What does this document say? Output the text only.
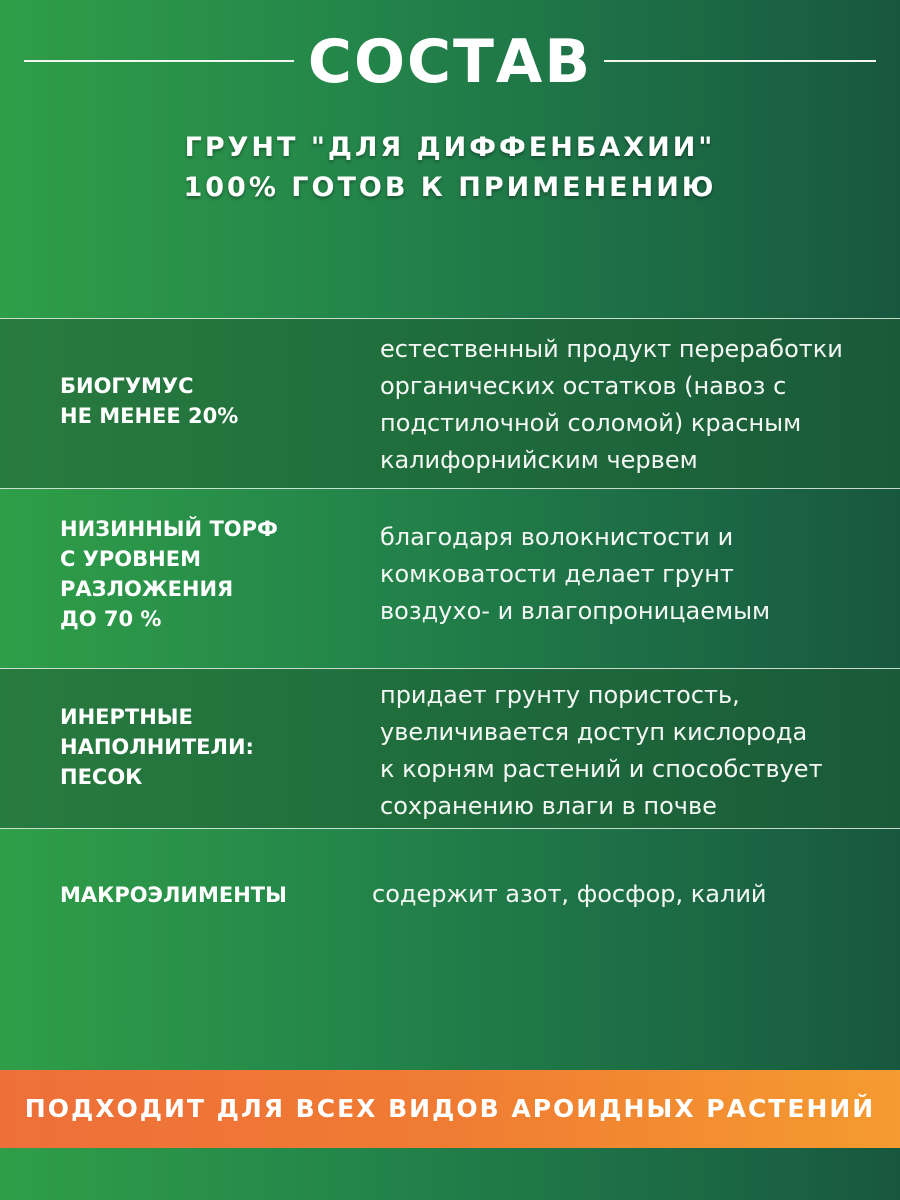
СОСТАВ
ГРУНТ "ДЛЯ ДИФФЕНБАХИИ"
100% ГОТОВ К ПРИМЕНЕНИЮ
БИОГУМУС
НЕ МЕНЕЕ 20%
естественный продукт переработки
органических остатков (навоз с
подстилочной соломой) красным
калифорнийским червем
НИЗИННЫЙ ТОРФ
С УРОВНЕМ
РАЗЛОЖЕНИЯ
ДО 70 %
благодаря волокнистости и
комковатости делает грунт
воздухо- и влагопроницаемым
ИНЕРТНЫЕ
НАПОЛНИТЕЛИ:
ПЕСОК
придает грунту пористость,
увеличивается доступ кислорода
к корням растений и способствует
сохранению влаги в почве
МАКРОЭЛИМЕНТЫ	содержит азот, фосфор, калий
ПОДХОДИТ ДЛЯ ВСЕХ ВИДОВ АРОИДНЫХ РАСТЕНИЙ
